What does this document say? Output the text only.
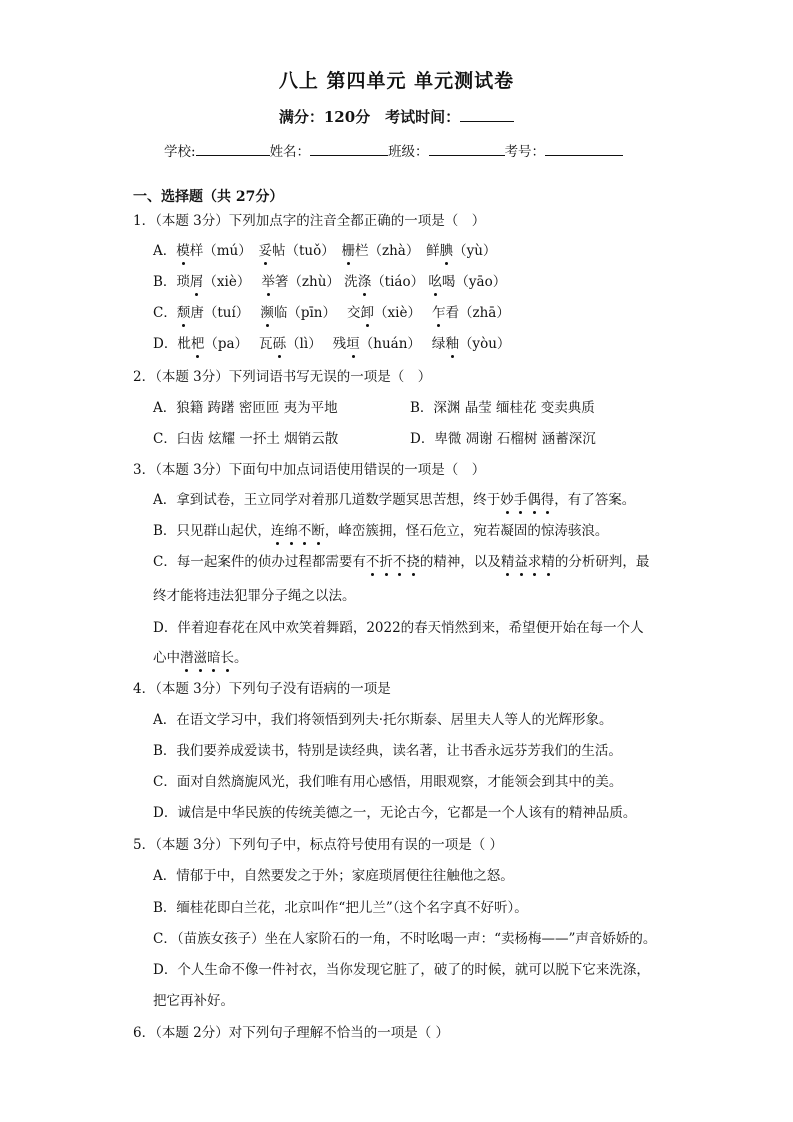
八上 第四单元 单元测试卷
满分：120分　考试时间：
学校:	姓名：	班级：	考号：
一、选择题（共 27分）
1．（本题 3分）下列加点字的注音全都正确的一项是（　）
A．模样（mú）　妥帖（tuǒ）　栅栏（zhà）　鲜腆（yù）
B．琐屑（xiè）　 举箸（zhù） 洗涤（tiáo） 吆喝（yāo）
C．颓唐（tuí）　 濒临（pīn）　 交卸（xiè）　 乍看（zhā）
D．枇杷（pa）　 瓦砾（lì）　 残垣（huán）　 绿釉（yòu）
2．（本题 3分）下列词语书写无误的一项是（　）
A．狼籍 踌躇 密匝匝 夷为平地	B．深渊 晶莹 缅桂花 变卖典质
C．臼齿 炫耀 一抔土 烟销云散	D．卑微 凋谢 石榴树 涵蓄深沉
3．（本题 3分）下面句中加点词语使用错误的一项是（　）
A．拿到试卷，王立同学对着那几道数学题冥思苦想，终于妙手偶得，有了答案。
B．只见群山起伏，连绵不断，峰峦簇拥，怪石危立，宛若凝固的惊涛骇浪。
C．每一起案件的侦办过程都需要有不折不挠的精神，以及精益求精的分析研判，最
终才能将违法犯罪分子绳之以法。
D．伴着迎春花在风中欢笑着舞蹈，2022的春天悄然到来，希望便开始在每一个人
心中潜滋暗长。
4．（本题 3分）下列句子没有语病的一项是
A．在语文学习中，我们将领悟到列夫·托尔斯泰、居里夫人等人的光辉形象。
B．我们要养成爱读书，特别是读经典，读名著，让书香永远芬芳我们的生活。
C．面对自然旖旎风光，我们唯有用心感悟，用眼观察，才能领会到其中的美。
D．诚信是中华民族的传统美德之一，无论古今，它都是一个人该有的精神品质。
5．（本题 3分）下列句子中，标点符号使用有误的一项是（ ）
A．情郁于中，自然要发之于外；家庭琐屑便往往触他之怒。
B．缅桂花即白兰花，北京叫作“把儿兰”（这个名字真不好听）。
C．（苗族女孩子）坐在人家阶石的一角，不时吆喝一声：“卖杨梅——”声音娇娇的。
D．个人生命不像一件衬衣，当你发现它脏了，破了的时候，就可以脱下它来洗涤，
把它再补好。
6．（本题 2分）对下列句子理解不恰当的一项是（ ）
